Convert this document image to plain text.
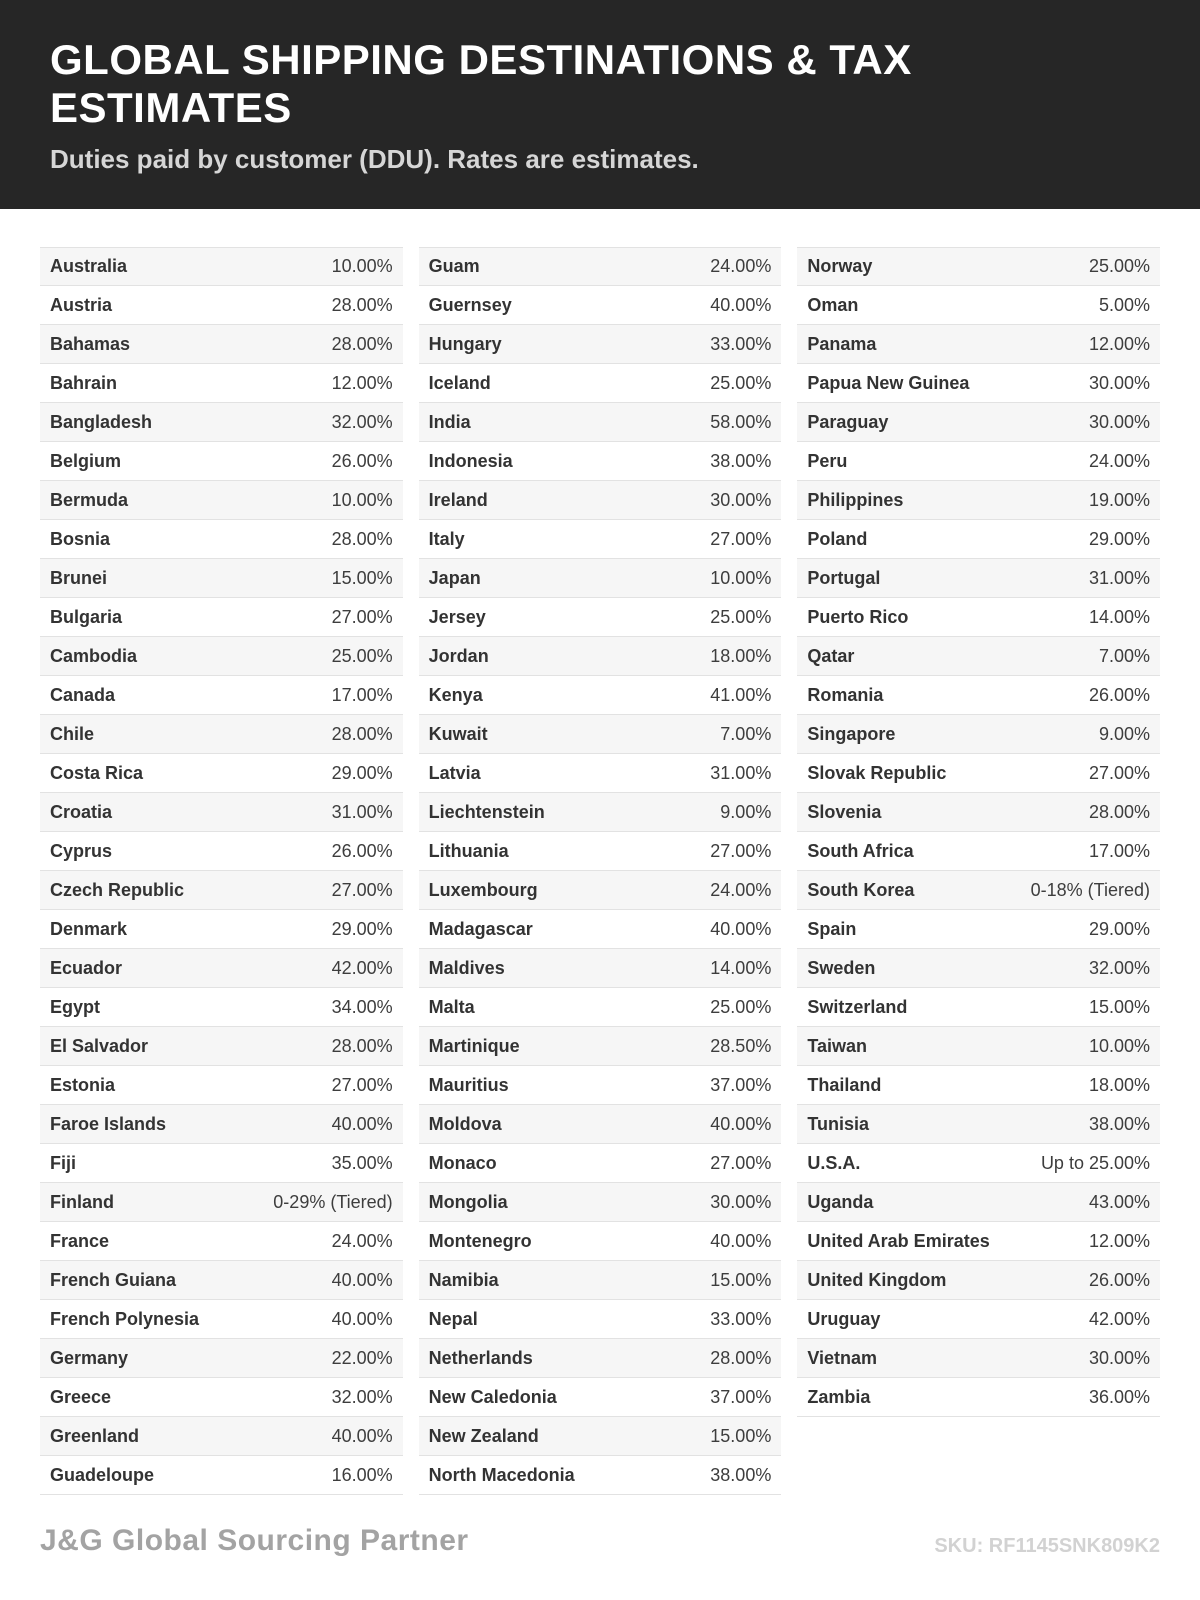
GLOBAL SHIPPING DESTINATIONS & TAX ESTIMATES
Duties paid by customer (DDU). Rates are estimates.
Australia	10.00%
Austria	28.00%
Bahamas	28.00%
Bahrain	12.00%
Bangladesh	32.00%
Belgium	26.00%
Bermuda	10.00%
Bosnia	28.00%
Brunei	15.00%
Bulgaria	27.00%
Cambodia	25.00%
Canada	17.00%
Chile	28.00%
Costa Rica	29.00%
Croatia	31.00%
Cyprus	26.00%
Czech Republic	27.00%
Denmark	29.00%
Ecuador	42.00%
Egypt	34.00%
El Salvador	28.00%
Estonia	27.00%
Faroe Islands	40.00%
Fiji	35.00%
Finland	0-29% (Tiered)
France	24.00%
French Guiana	40.00%
French Polynesia	40.00%
Germany	22.00%
Greece	32.00%
Greenland	40.00%
Guadeloupe	16.00%
Guam	24.00%
Guernsey	40.00%
Hungary	33.00%
Iceland	25.00%
India	58.00%
Indonesia	38.00%
Ireland	30.00%
Italy	27.00%
Japan	10.00%
Jersey	25.00%
Jordan	18.00%
Kenya	41.00%
Kuwait	7.00%
Latvia	31.00%
Liechtenstein	9.00%
Lithuania	27.00%
Luxembourg	24.00%
Madagascar	40.00%
Maldives	14.00%
Malta	25.00%
Martinique	28.50%
Mauritius	37.00%
Moldova	40.00%
Monaco	27.00%
Mongolia	30.00%
Montenegro	40.00%
Namibia	15.00%
Nepal	33.00%
Netherlands	28.00%
New Caledonia	37.00%
New Zealand	15.00%
North Macedonia	38.00%
Norway	25.00%
Oman	5.00%
Panama	12.00%
Papua New Guinea	30.00%
Paraguay	30.00%
Peru	24.00%
Philippines	19.00%
Poland	29.00%
Portugal	31.00%
Puerto Rico	14.00%
Qatar	7.00%
Romania	26.00%
Singapore	9.00%
Slovak Republic	27.00%
Slovenia	28.00%
South Africa	17.00%
South Korea	0-18% (Tiered)
Spain	29.00%
Sweden	32.00%
Switzerland	15.00%
Taiwan	10.00%
Thailand	18.00%
Tunisia	38.00%
U.S.A.	Up to 25.00%
Uganda	43.00%
United Arab Emirates	12.00%
United Kingdom	26.00%
Uruguay	42.00%
Vietnam	30.00%
Zambia	36.00%
J&G Global Sourcing Partner	SKU: RF1145SNK809K2
